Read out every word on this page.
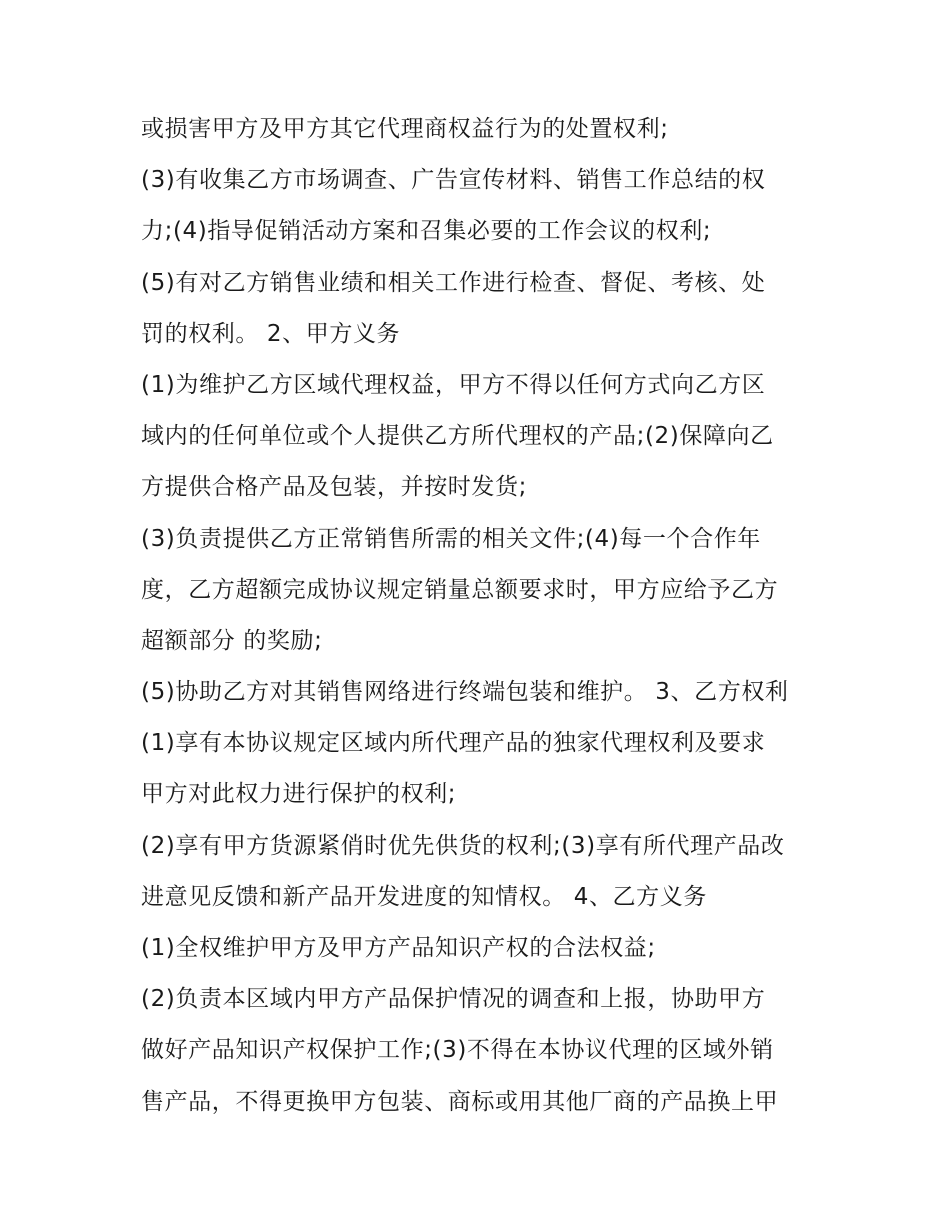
或损害甲方及甲方其它代理商权益行为的处置权利;
(3)有收集乙方市场调查、广告宣传材料、销售工作总结的权
力;(4)指导促销活动方案和召集必要的工作会议的权利;
(5)有对乙方销售业绩和相关工作进行检查、督促、考核、处
罚的权利。 2、甲方义务
(1)为维护乙方区域代理权益，甲方不得以任何方式向乙方区
域内的任何单位或个人提供乙方所代理权的产品;(2)保障向乙
方提供合格产品及包装，并按时发货;
(3)负责提供乙方正常销售所需的相关文件;(4)每一个合作年
度，乙方超额完成协议规定销量总额要求时，甲方应给予乙方
超额部分 的奖励;
(5)协助乙方对其销售网络进行终端包装和维护。 3、乙方权利
(1)享有本协议规定区域内所代理产品的独家代理权利及要求
甲方对此权力进行保护的权利;
(2)享有甲方货源紧俏时优先供货的权利;(3)享有所代理产品改
进意见反馈和新产品开发进度的知情权。 4、乙方义务
(1)全权维护甲方及甲方产品知识产权的合法权益;
(2)负责本区域内甲方产品保护情况的调查和上报，协助甲方
做好产品知识产权保护工作;(3)不得在本协议代理的区域外销
售产品，不得更换甲方包装、商标或用其他厂商的产品换上甲
